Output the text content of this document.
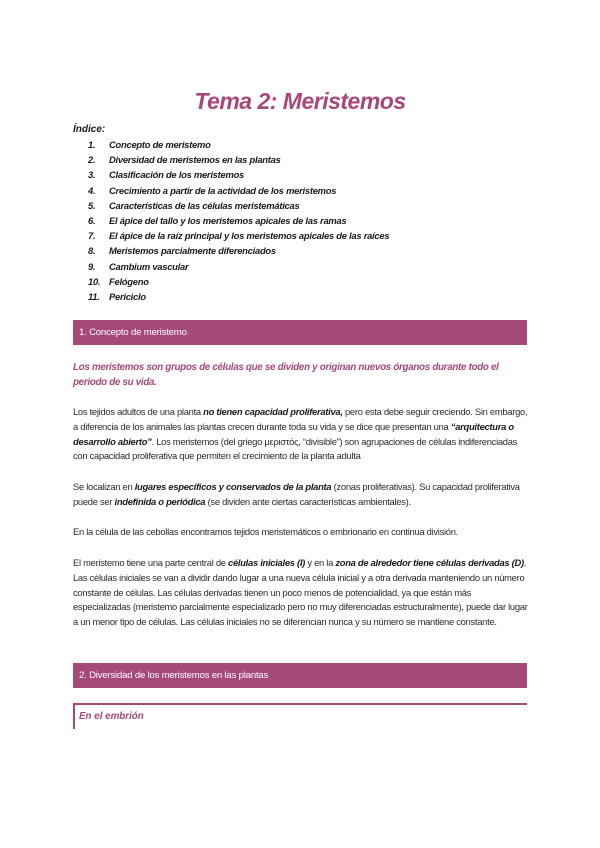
Tema 2: Meristemos
Índice:
1. Concepto de meristemo
2. Diversidad de meristemos en las plantas
3. Clasificación de los meristemos
4. Crecimiento a partir de la actividad de los meristemos
5. Características de las células meristemáticas
6. El ápice del tallo y los meristemos apicales de las ramas
7. El ápice de la raíz principal y los meristemos apicales de las raíces
8. Meristemos parcialmente diferenciados
9. Cambium vascular
10. Felógeno
11. Periciclo
1. Concepto de meristemo
Los meristemos son grupos de células que se dividen y originan nuevos órganos durante todo el periodo de su vida.
Los tejidos adultos de una planta no tienen capacidad proliferativa, pero esta debe seguir creciendo. Sin embargo, a diferencia de los animales las plantas crecen durante toda su vida y se dice que presentan una “arquitectura o desarrollo abierto”. Los meristemos (del griego μεριστός, “divisible”) son agrupaciones de células indiferenciadas con capacidad proliferativa que permiten el crecimiento de la planta adulta
Se localizan en lugares específicos y conservados de la planta (zonas proliferativas). Su capacidad proliferativa puede ser indefinida o periódica (se dividen ante ciertas características ambientales).
En la célula de las cebollas encontramos tejidos meristemáticos o embrionario en continua división.
El meristemo tiene una parte central de células iniciales (I) y en la zona de alrededor tiene células derivadas (D). Las células iniciales se van a dividir dando lugar a una nueva célula inicial y a otra derivada manteniendo un número constante de células. Las células derivadas tienen un poco menos de potencialidad, ya que están más especializadas (meristemo parcialmente especializado pero no muy diferenciadas estructuralmente), puede dar lugar a un menor tipo de células. Las células iniciales no se diferencian nunca y su número se mantiene constante.
2. Diversidad de los meristemos en las plantas
En el embrión
